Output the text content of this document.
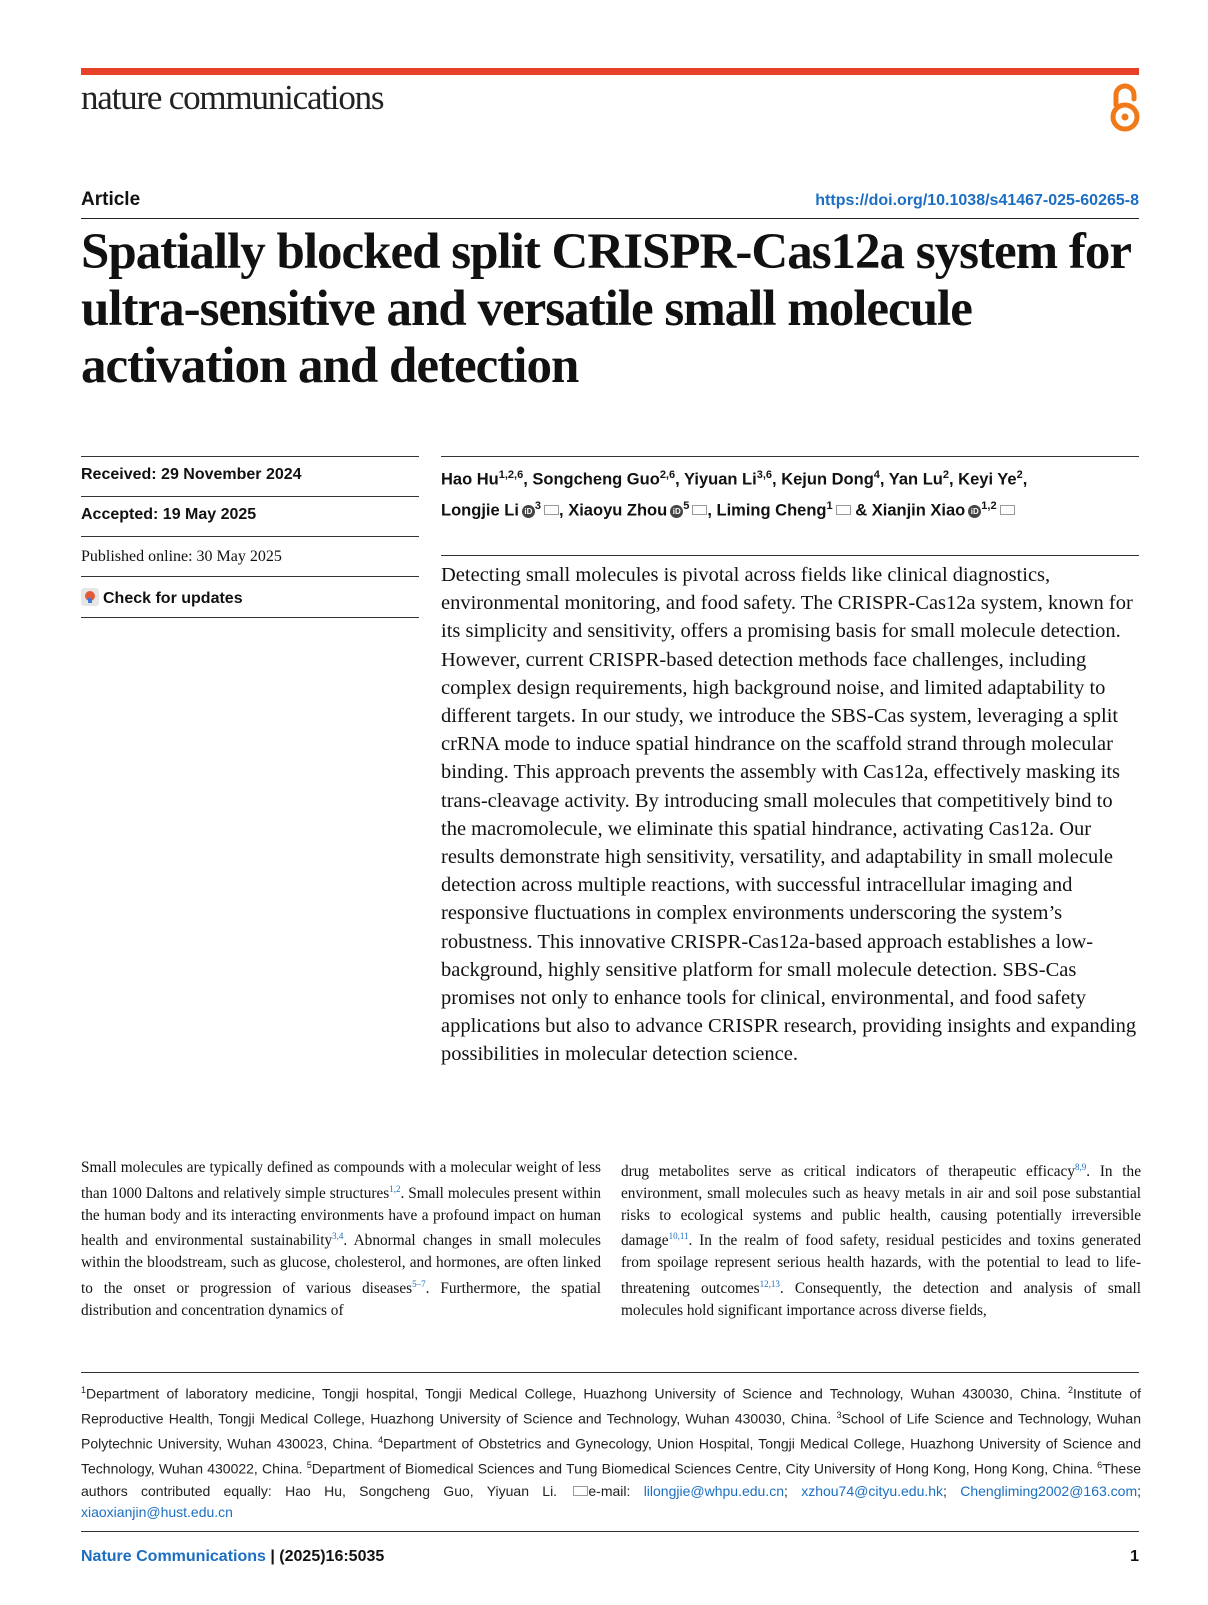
nature communications
Article	https://doi.org/10.1038/s41467-025-60265-8
Spatially blocked split CRISPR-Cas12a system for ultra-sensitive and versatile small molecule activation and detection
Received: 29 November 2024
Accepted: 19 May 2025
Published online: 30 May 2025
Check for updates
Hao Hu$^{1,2,6}$, Songcheng Guo$^{2,6}$, Yiyuan Li$^{3,6}$, Kejun Dong$^4$, Yan Lu$^2$, Keyi Ye$^2$,
Longjie Li iD $^3$ , Xiaoyu Zhou iD $^5$ , Liming Cheng$^1$ & Xianjin Xiao iD $^{1,2}$

Detecting small molecules is pivotal across fields like clinical diagnostics, environmental monitoring, and food safety. The CRISPR-Cas12a system, known for its simplicity and sensitivity, offers a promising basis for small molecule detection. However, current CRISPR-based detection methods face challenges, including complex design requirements, high background noise, and limited adaptability to different targets. In our study, we introduce the SBS-Cas system, leveraging a split crRNA mode to induce spatial hindrance on the scaffold strand through molecular binding. This approach prevents the assembly with Cas12a, effectively masking its trans-cleavage activity. By introducing small molecules that competitively bind to the macromolecule, we eliminate this spatial hindrance, activating Cas12a. Our results demonstrate high sensitivity, versatility, and adaptability in small molecule detection across multiple reactions, with successful intracellular imaging and responsive fluctuations in complex environments underscoring the system’s robustness. This innovative CRISPR-Cas12a-based approach establishes a low-background, highly sensitive platform for small molecule detection. SBS-Cas promises not only to enhance tools for clinical, environmental, and food safety applications but also to advance CRISPR research, providing insights and expanding possibilities in molecular detection science.

Small molecules are typically defined as compounds with a molecular weight of less than 1000 Daltons and relatively simple structures$^{1,2}$. Small molecules present within the human body and its interacting environments have a profound impact on human health and environmental sustainability$^{3,4}$. Abnormal changes in small molecules within the bloodstream, such as glucose, cholesterol, and hormones, are often linked to the onset or progression of various diseases$^{5-7}$. Furthermore, the spatial distribution and concentration dynamics of

drug metabolites serve as critical indicators of therapeutic efficacy$^{8,9}$. In the environment, small molecules such as heavy metals in air and soil pose substantial risks to ecological systems and public health, causing potentially irreversible damage$^{10,11}$. In the realm of food safety, residual pesticides and toxins generated from spoilage represent serious health hazards, with the potential to lead to life-threatening outcomes$^{12,13}$. Consequently, the detection and analysis of small molecules hold significant importance across diverse fields,

$^1$Department of laboratory medicine, Tongji hospital, Tongji Medical College, Huazhong University of Science and Technology, Wuhan 430030, China. $^2$Institute of Reproductive Health, Tongji Medical College, Huazhong University of Science and Technology, Wuhan 430030, China. $^3$School of Life Science and Technology, Wuhan Polytechnic University, Wuhan 430023, China. $^4$Department of Obstetrics and Gynecology, Union Hospital, Tongji Medical College, Huazhong University of Science and Technology, Wuhan 430022, China. $^5$Department of Biomedical Sciences and Tung Biomedical Sciences Centre, City University of Hong Kong, Hong Kong, China. $^6$These authors contributed equally: Hao Hu, Songcheng Guo, Yiyuan Li. e-mail: lilongjie@whpu.edu.cn; xzhou74@cityu.edu.hk; Chengliming2002@163.com; xiaoxianjin@hust.edu.cn

Nature Communications | (2025)16:5035	1
